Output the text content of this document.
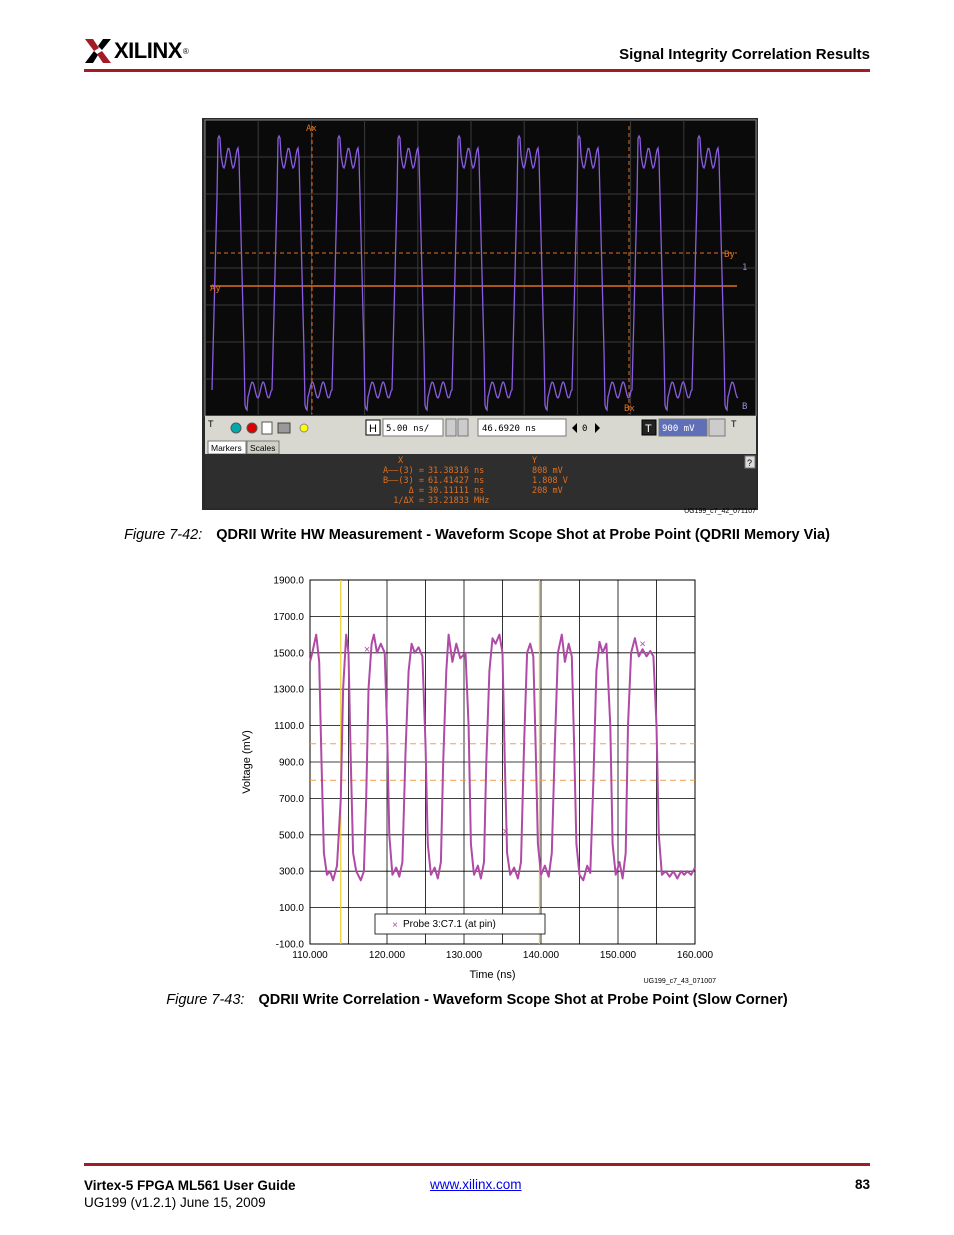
XILINX ®	Signal Integrity Correlation Results
Ax
Bx
Ay
By
1
B
T	H 5.00 ns/	46.6920 ns	0	T 900 mV	T
Markers Scales
?
X	Y
A——(3) = 31.38316 ns	808 mV
B——(3) = 61.41427 ns	1.808 V
Δ = 30.11111 ns	208 mV
1/ΔX = 33.21833 MHz
UG199_c7_42_071107
Figure 7-42: QDRII Write HW Measurement - Waveform Scope Shot at Probe Point (QDRII Memory Via)
×
×
×
-100.0
100.0
300.0
500.0
700.0
900.0
1100.0
1300.0
1500.0
1700.0
1900.0
110.000	120.000	130.000	140.000	150.000	160.000
Time (ns)
Voltage (mV)
× Probe 3:C7.1 (at pin)
UG199_c7_43_071007
Figure 7-43: QDRII Write Correlation - Waveform Scope Shot at Probe Point (Slow Corner)
Virtex-5 FPGA ML561 User Guide
UG199 (v1.2.1) June 15, 2009
www.xilinx.com	83
